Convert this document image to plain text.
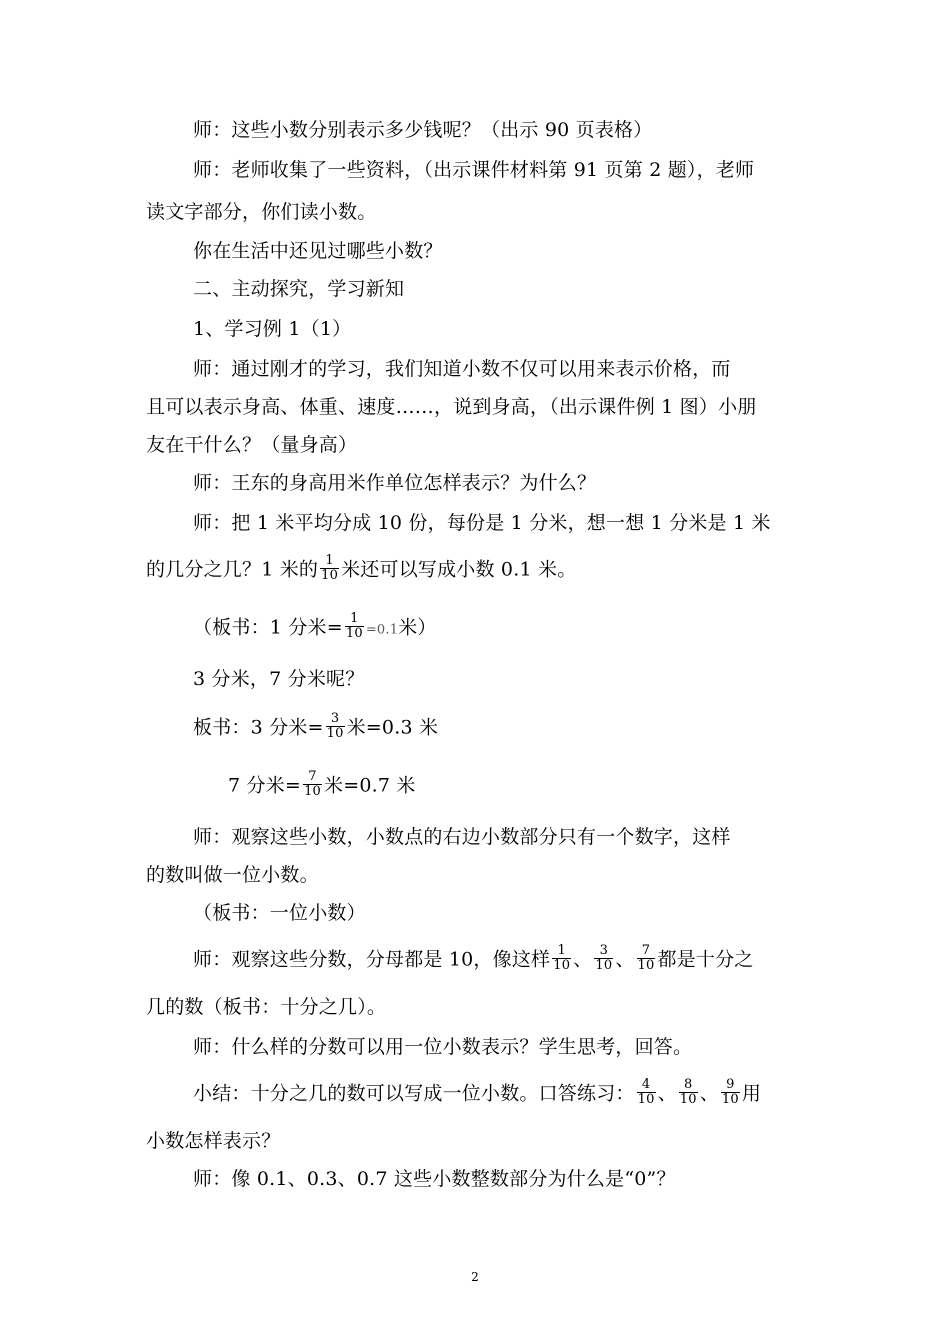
师：这些小数分别表示多少钱呢？（出示 90 页表格）
师：老师收集了一些资料，（出示课件材料第 91 页第 2 题），老师
读文字部分，你们读小数。
你在生活中还见过哪些小数？
二、主动探究，学习新知
1、学习例 1（1）
师：通过刚才的学习，我们知道小数不仅可以用来表示价格，而
且可以表示身高、体重、速度……，说到身高，（出示课件例 1 图）小朋
友在干什么？（量身高）
师：王东的身高用米作单位怎样表示？为什么？
师：把 1 米平均分成 10 份，每份是 1 分米，想一想 1 分米是 1 米
的几分之几？1 米的 $\frac{1}{10}$ 米还可以写成小数 0.1 米。
（板书：1 分米= $\frac{1}{10} =0.1$米）
3 分米，7 分米呢？
板书：3 分米= $\frac{3}{10}$ 米=0.3 米
7 分米= $\frac{7}{10}$ 米=0.7 米
师：观察这些小数，小数点的右边小数部分只有一个数字，这样
的数叫做一位小数。
（板书：一位小数）
师：观察这些分数，分母都是 10，像这样 $\frac{1}{10}$ 、 $\frac{3}{10}$ 、 $\frac{7}{10}$ 都是十分之
几的数（板书：十分之几）。
师：什么样的分数可以用一位小数表示？学生思考，回答。
小结：十分之几的数可以写成一位小数。口答练习： $\frac{4}{10}$ 、 $\frac{8}{10}$ 、 $\frac{9}{10}$ 用
小数怎样表示？
师：像 0.1、0.3、0.7 这些小数整数部分为什么是“0”？
2
